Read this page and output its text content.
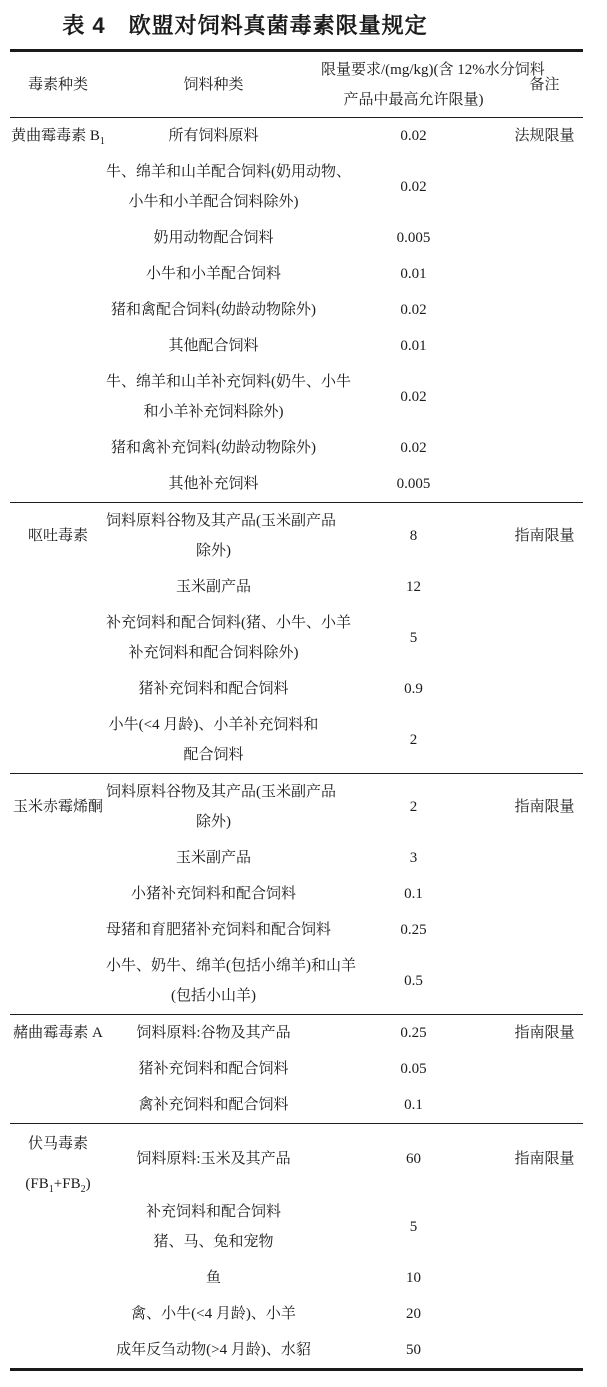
表 4　欧盟对饲料真菌毒素限量规定
毒素种类	饲料种类	限量要求/(mg/kg)(含 12%水分饲料
产品中最高允许限量)	备注

黄曲霉毒素 $B_1$	所有饲料原料	0.02	法规限量

	牛、绵羊和山羊配合饲料(奶用动物、
小牛和小羊配合饲料除外)	0.02	

	奶用动物配合饲料	0.005	

	小牛和小羊配合饲料	0.01	

	猪和禽配合饲料(幼龄动物除外)	0.02	

	其他配合饲料	0.01	

	牛、绵羊和山羊补充饲料(奶牛、小牛
和小羊补充饲料除外)	0.02	

	猪和禽补充饲料(幼龄动物除外)	0.02	

	其他补充饲料	0.005	

呕吐毒素	饲料原料谷物及其产品(玉米副产品
除外)	8	指南限量

	玉米副产品	12	

	补充饲料和配合饲料(猪、小牛、小羊
补充饲料和配合饲料除外)	5	

	猪补充饲料和配合饲料	0.9	

	小牛(<4 月龄)、小羊补充饲料和
配合饲料	2	

玉米赤霉烯酮	饲料原料谷物及其产品(玉米副产品
除外)	2	指南限量

	玉米副产品	3	

	小猪补充饲料和配合饲料	0.1	

	母猪和育肥猪补充饲料和配合饲料	0.25	

	小牛、奶牛、绵羊(包括小绵羊)和山羊
(包括小山羊)	0.5	

赭曲霉毒素 A	饲料原料:谷物及其产品	0.25	指南限量

	猪补充饲料和配合饲料	0.05	

	禽补充饲料和配合饲料	0.1	

伏马毒素
$(FB_1+FB_2)$	饲料原料:玉米及其产品	60	指南限量

	补充饲料和配合饲料
猪、马、兔和宠物	5	

	鱼	10	

	禽、小牛(<4 月龄)、小羊	20	

	成年反刍动物(>4 月龄)、水貂	50	
